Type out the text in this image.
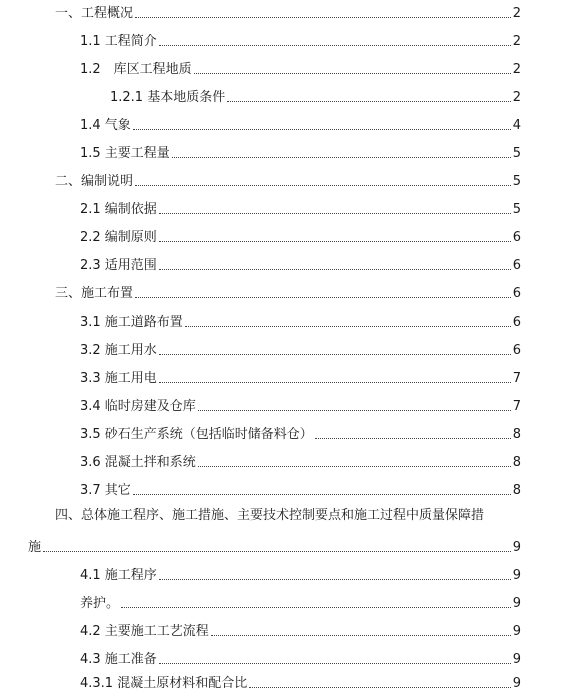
一、工程概况	2
1.1 工程简介	2
1.2　库区工程地质	2
1.2.1 基本地质条件	2
1.4 气象	4
1.5 主要工程量	5
二、编制说明	5
2.1 编制依据	5
2.2 编制原则	6
2.3 适用范围	6
三、施工布置	6
3.1 施工道路布置	6
3.2 施工用水	6
3.3 施工用电	7
3.4 临时房建及仓库	7
3.5 砂石生产系统（包括临时储备料仓）	8
3.6 混凝土拌和系统	8
3.7 其它	8
四、总体施工程序、施工措施、主要技术控制要点和施工过程中质量保障措
施	9
4.1 施工程序	9
养护。	9
4.2 主要施工工艺流程	9
4.3 施工准备	9
4.3.1 混凝土原材料和配合比	9
